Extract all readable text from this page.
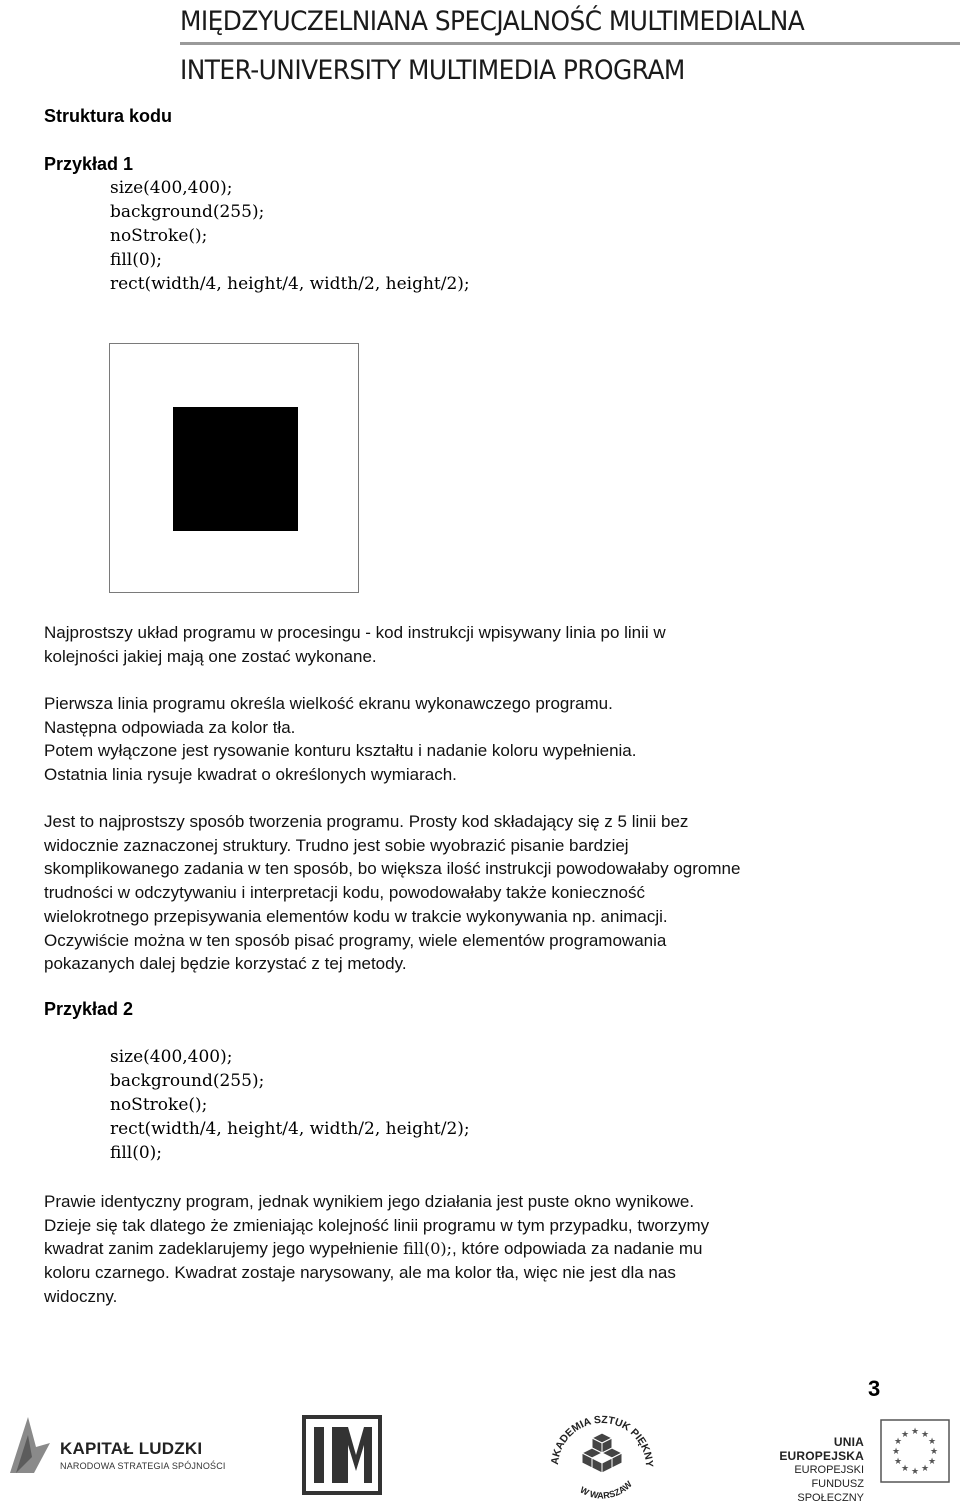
MIĘDZYUCZELNIANA SPECJALNOŚĆ MULTIMEDIALNA
INTER-UNIVERSITY MULTIMEDIA PROGRAM
Struktura kodu
Przykład 1
size(400,400);
background(255);
noStroke();
fill(0);
rect(width/4, height/4, width/2, height/2);

Najprostszy układ programu w procesingu - kod instrukcji wpisywany linia po linii w

kolejności jakiej mają one zostać wykonane.

Pierwsza linia programu określa wielkość ekranu wykonawczego programu.

Następna odpowiada za kolor tła.

Potem wyłączone jest rysowanie konturu kształtu i nadanie koloru wypełnienia.

Ostatnia linia rysuje kwadrat o określonych wymiarach.

Jest to najprostszy sposób tworzenia programu. Prosty kod składający się z 5 linii bez

widocznie zaznaczonej struktury. Trudno jest sobie wyobrazić pisanie bardziej

skomplikowanego zadania w ten sposób, bo większa ilość instrukcji powodowałaby ogromne

trudności w odczytywaniu i interpretacji kodu, powodowałaby także konieczność

wielokrotnego przepisywania elementów kodu w trakcie wykonywania np. animacji.

Oczywiście można w ten sposób pisać programy, wiele elementów programowania

pokazanych dalej będzie korzystać z tej metody.

Przykład 2
size(400,400);
background(255);
noStroke();
rect(width/4, height/4, width/2, height/2);
fill(0);

Prawie identyczny program, jednak wynikiem jego działania jest puste okno wynikowe.

Dzieje się tak dlatego że zmieniając kolejność linii programu w tym przypadku, tworzymy

kwadrat zanim zadeklarujemy jego wypełnienie fill(0);, które odpowiada za nadanie mu

koloru czarnego. Kwadrat zostaje narysowany, ale ma kolor tła, więc nie jest dla nas

widoczny.

3
KAPITAŁ LUDZKI
NARODOWA STRATEGIA SPÓJNOŚCI
AKADEMIA SZTUK PIĘKNY
W WARSZAW
UNIA EUROPEJSKA
EUROPEJSKI
FUNDUSZ SPOŁECZNY
★ ★
★
★
★
★
★
★
★
★
★
★
